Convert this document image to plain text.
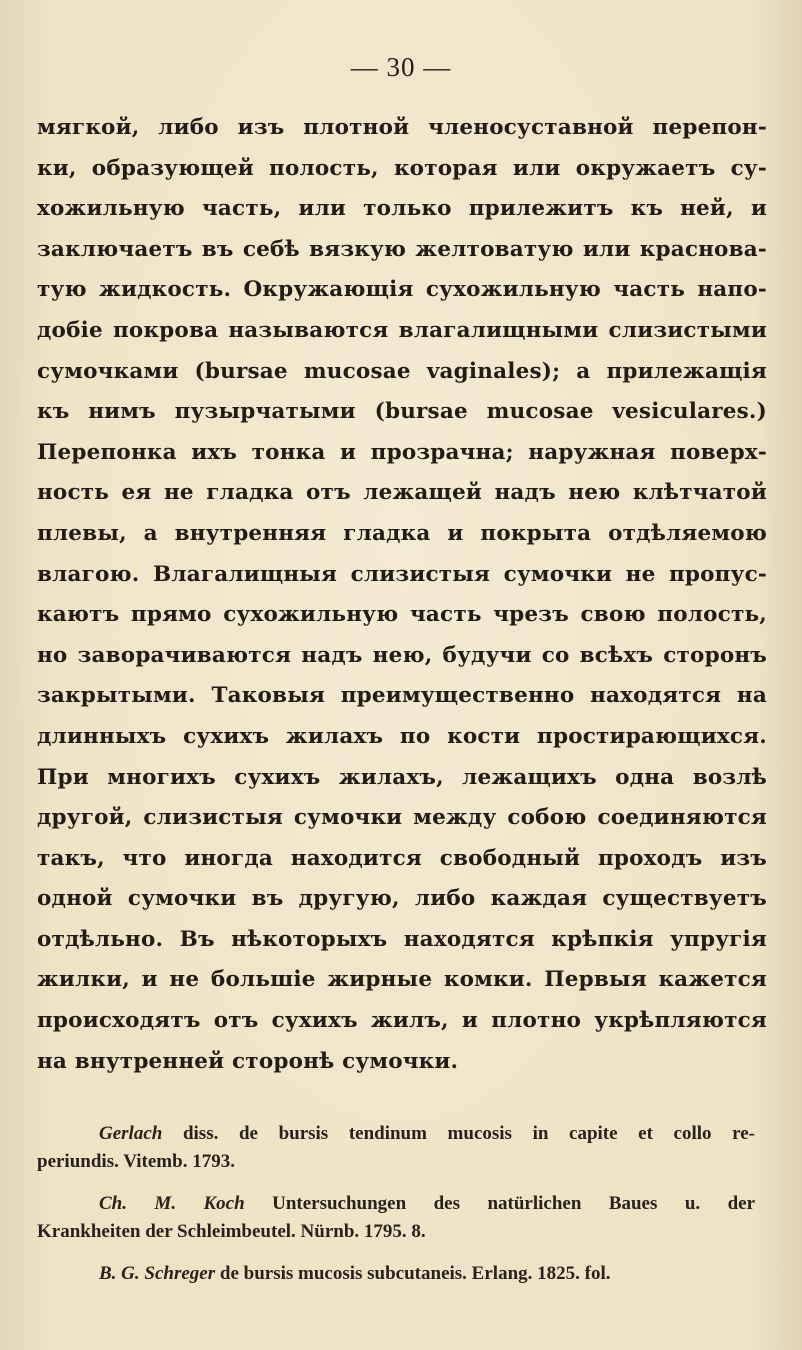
— 30 —
мягкой, либо изъ плотной членосуставной перепон-
ки, образующей полость, которая или окружаетъ су-
хожильную часть, или только прилежитъ къ ней, и
заключаетъ въ себѣ вязкую желтоватую или красновa-
тую жидкость. Окружающія сухожильную часть напо-
добіе покрова называются влагалищными слизистыми
сумочками (bursae mucosae vaginales); а прилежащія
къ нимъ пузырчатыми (bursae mucosae vesiculares.)
Перепонка ихъ тонка и прозрачна; наружная поверх-
ность ея не гладка отъ лежащей надъ нею клѣтчатой
плевы, а внутренняя гладка и покрыта отдѣляемою
влагою. Влагалищныя слизистыя сумочки не пропус-
каютъ прямо сухожильную часть чрезъ свою полость,
но заворачиваются надъ нею, будучи со всѣхъ сторонъ
закрытыми. Таковыя преимущественно находятся на
длинныхъ сухихъ жилахъ по кости простирающихся.
При многихъ сухихъ жилахъ, лежащихъ одна возлѣ
другой, слизистыя сумочки между собою соединяются
такъ, что иногда находится свободный проходъ изъ
одной сумочки въ другую, либо каждая существуетъ
отдѣльно. Въ нѣкоторыхъ находятся крѣпкія упругія
жилки, и не большіе жирные комки. Первыя кажется
происходятъ отъ сухихъ жилъ, и плотно укрѣпляются
на внутренней сторонѣ сумочки.
Gerlach diss. de bursis tendinum mucosis in capite et collo re-
periundis. Vitemb. 1793.
Ch. M. Koch Untersuchungen des natürlichen Baues u. der
Krankheiten der Schleimbeutel. Nürnb. 1795. 8.
B. G. Schreger de bursis mucosis subcutaneis. Erlang. 1825. fol.
